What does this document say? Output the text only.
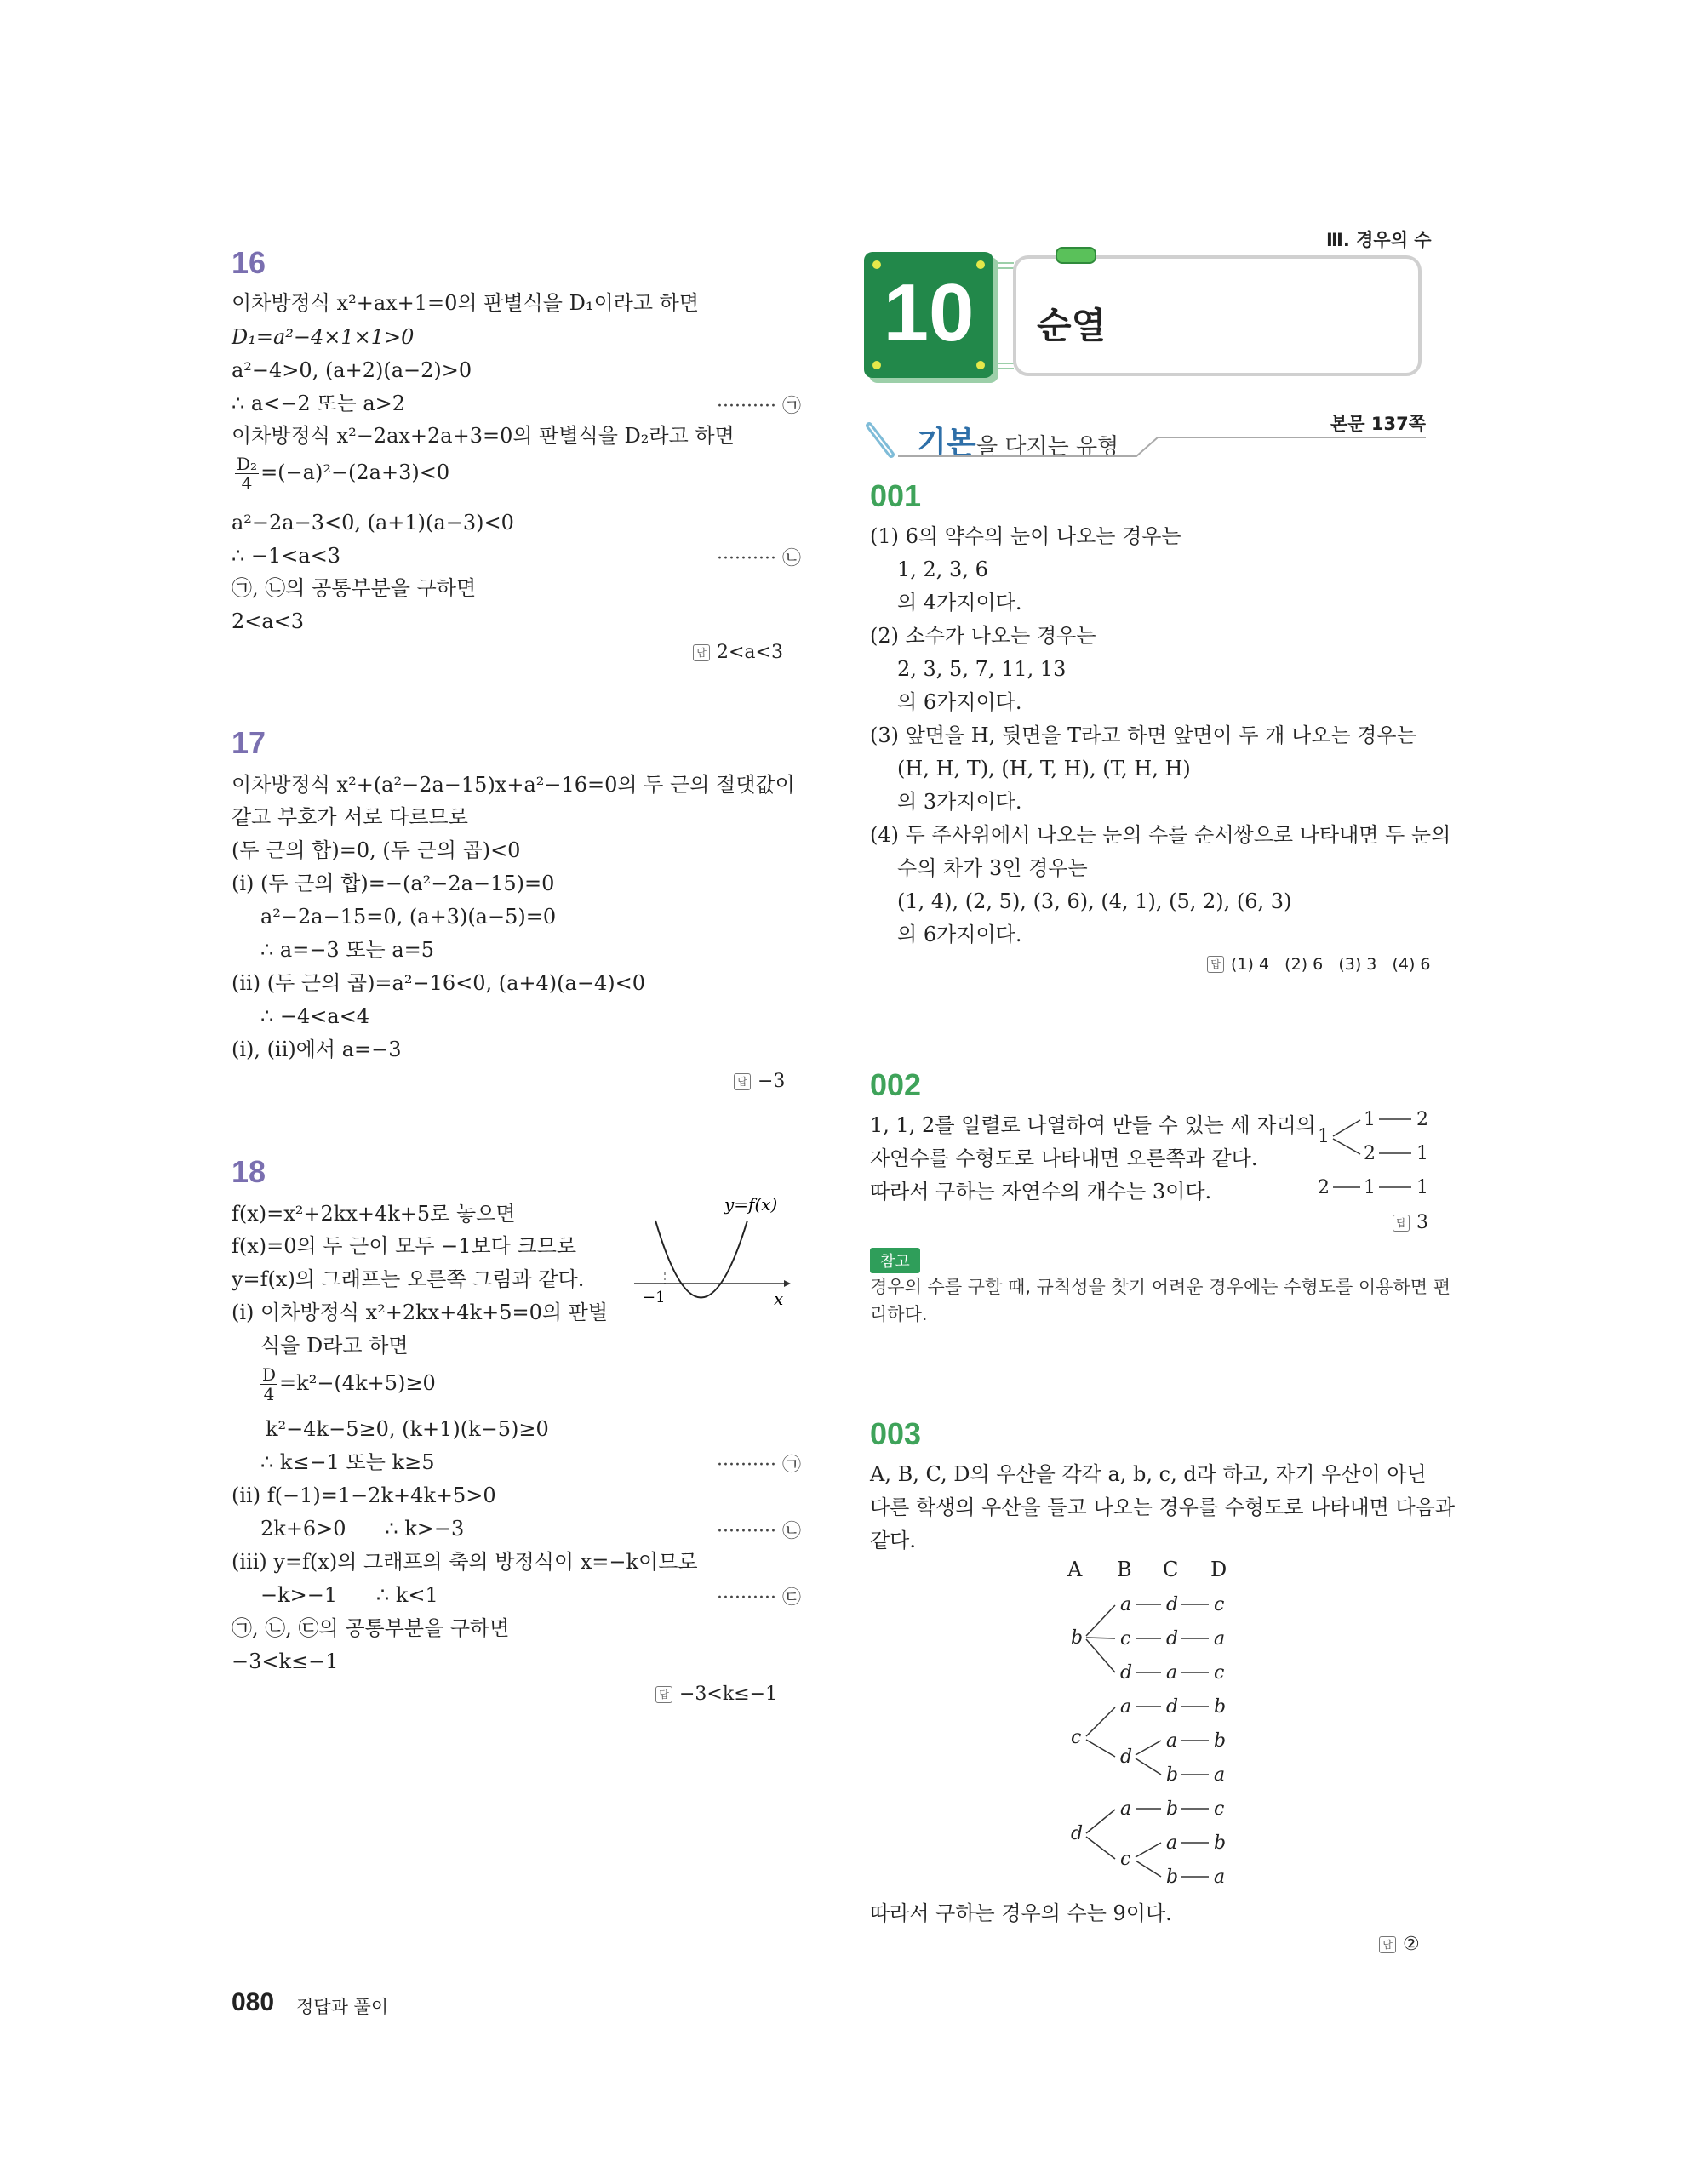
Ⅲ. 경우의 수
10	순열
기본 을 다지는 유형
본문 137쪽
16
이차방정식 x²+ax+1=0의 판별식을 D₁이라고 하면
D₁=a²−4×1×1>0
a²−4>0, (a+2)(a−2)>0
∴ a<−2 또는 a>2	·········· ㉠
이차방정식 x²−2ax+2a+3=0의 판별식을 D₂라고 하면
$\frac{\text{D₂}}{4} =(-a)^2-(2a+3)<0$
a²−2a−3<0, (a+1)(a−3)<0
∴ −1<a<3	·········· ㉡
㉠, ㉡의 공통부분을 구하면
2<a<3
답 2<a<3
17
이차방정식 x²+(a²−2a−15)x+a²−16=0의 두 근의 절댓값이
같고 부호가 서로 다르므로
(두 근의 합)=0, (두 근의 곱)<0
(i) (두 근의 합)=−(a²−2a−15)=0
a²−2a−15=0, (a+3)(a−5)=0
∴ a=−3 또는 a=5
(ii) (두 근의 곱)=a²−16<0, (a+4)(a−4)<0
∴ −4<a<4
(i), (ii)에서 a=−3
답 −3
18
f(x)=x²+2kx+4k+5로 놓으면
f(x)=0의 두 근이 모두 −1보다 크므로
y=f(x)의 그래프는 오른쪽 그림과 같다.
(i) 이차방정식 x²+2kx+4k+5=0의 판별
식을 D라고 하면
$\frac{D}{4} =k^2-(4k+5)\ge 0$
k²−4k−5≥0, (k+1)(k−5)≥0
∴ k≤−1 또는 k≥5	·········· ㉠
(ii) f(−1)=1−2k+4k+5>0
2k+6>0      ∴ k>−3	·········· ㉡
(iii) y=f(x)의 그래프의 축의 방정식이 x=−k이므로
−k>−1      ∴ k<1	·········· ㉢
㉠, ㉡, ㉢의 공통부분을 구하면
−3<k≤−1
답 −3<k≤−1
y=f(x)
x
−1
001
(1) 6의 약수의 눈이 나오는 경우는
1, 2, 3, 6
의 4가지이다.
(2) 소수가 나오는 경우는
2, 3, 5, 7, 11, 13
의 6가지이다.
(3) 앞면을 H, 뒷면을 T라고 하면 앞면이 두 개 나오는 경우는
(H, H, T), (H, T, H), (T, H, H)
의 3가지이다.
(4) 두 주사위에서 나오는 눈의 수를 순서쌍으로 나타내면 두 눈의
수의 차가 3인 경우는
(1, 4), (2, 5), (3, 6), (4, 1), (5, 2), (6, 3)
의 6가지이다.
답 (1) 4   (2) 6   (3) 3   (4) 6
002
1, 1, 2를 일렬로 나열하여 만들 수 있는 세 자리의
자연수를 수형도로 나타내면 오른쪽과 같다.
따라서 구하는 자연수의 개수는 3이다.
1
1 2
2 1
2 1 1
답 3
참고
경우의 수를 구할 때, 규칙성을 찾기 어려운 경우에는 수형도를 이용하면 편
리하다.
003
A, B, C, D의 우산을 각각 a, b, c, d라 하고, 자기 우산이 아닌
다른 학생의 우산을 들고 나오는 경우를 수형도로 나타내면 다음과
같다.
A B C D
b
c
d
a d c
c d a
d a c
a d b
d
a b
b a
a b c
c
a b
b a
따라서 구하는 경우의 수는 9이다.
답 ②
080 정답과 풀이
